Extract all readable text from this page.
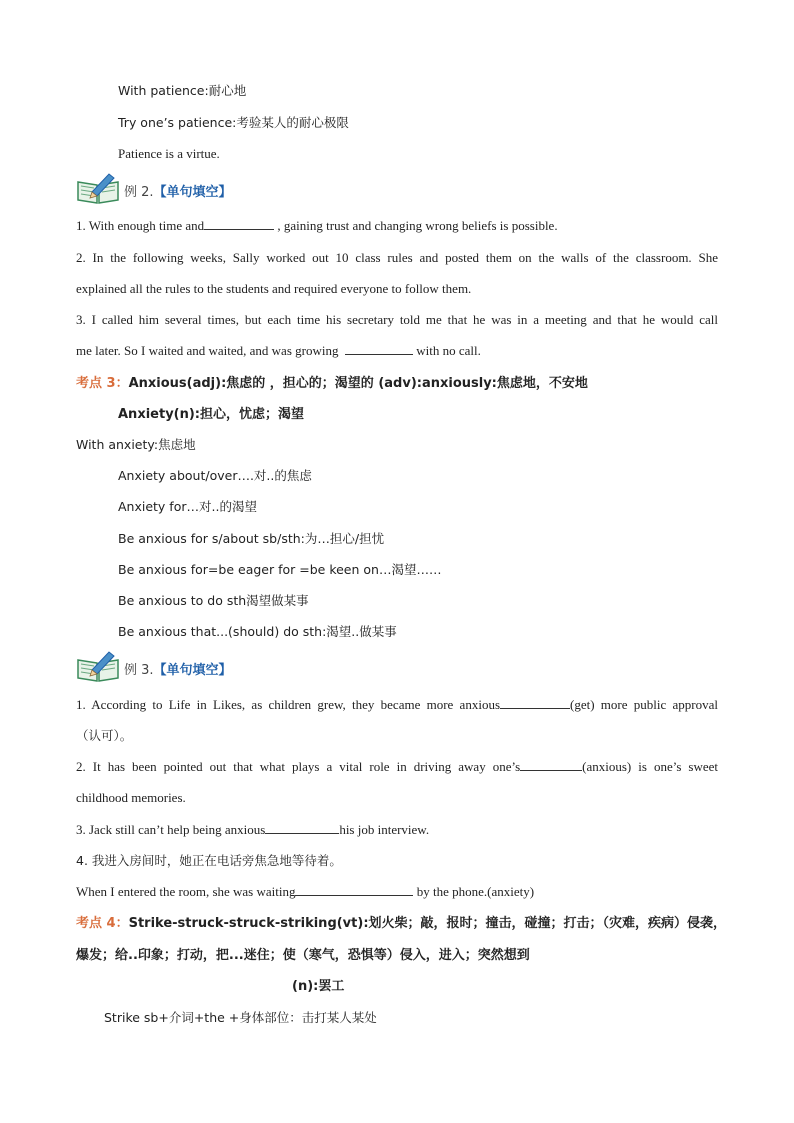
With patience:耐心地
Try one’s patience:考验某人的耐心极限
Patience is a virtue.
例 2.【单句填空】
1. With enough time and	, gaining trust and changing wrong beliefs is possible.
2. In the following weeks, Sally worked out 10 class rules and posted them on the walls of the classroom. She
explained all the rules to the students and required everyone to follow them.
3. I called him several times, but each time his secretary told me that he was in a meeting and that he would call
me later. So I waited and waited, and was growing	with no call.
考点 3：Anxious(adj):焦虑的 ，担心的；渴望的 (adv):anxiously:焦虑地，不安地
Anxiety(n):担心，忧虑；渴望
With anxiety:焦虑地
Anxiety about/over….对..的焦虑
Anxiety for…对..的渴望
Be anxious for s/about sb/sth:为…担心/担忧
Be anxious for=be eager for =be keen on…渴望……
Be anxious to do sth渴望做某事
Be anxious that...(should) do sth:渴望..做某事
例 3.【单句填空】
1. According to Life in Likes, as children grew, they became more anxious	(get) more public approval
（认可）。
2. It has been pointed out that what plays a vital role in driving away one’s	(anxious) is one’s sweet
childhood memories.
3. Jack still can’t help being anxious	his job interview.
4. 我进入房间时，她正在电话旁焦急地等待着。
When I entered the room, she was waiting	by the phone.(anxiety)
考点 4：Strike-struck-struck-striking(vt):划火柴；敲，报时；撞击，碰撞；打击；（灾难，疾病）侵袭，
爆发；给..印象；打动，把...迷住；使（寒气，恐惧等）侵入，进入；突然想到
(n):罢工
Strike sb+介词+the +身体部位：击打某人某处
